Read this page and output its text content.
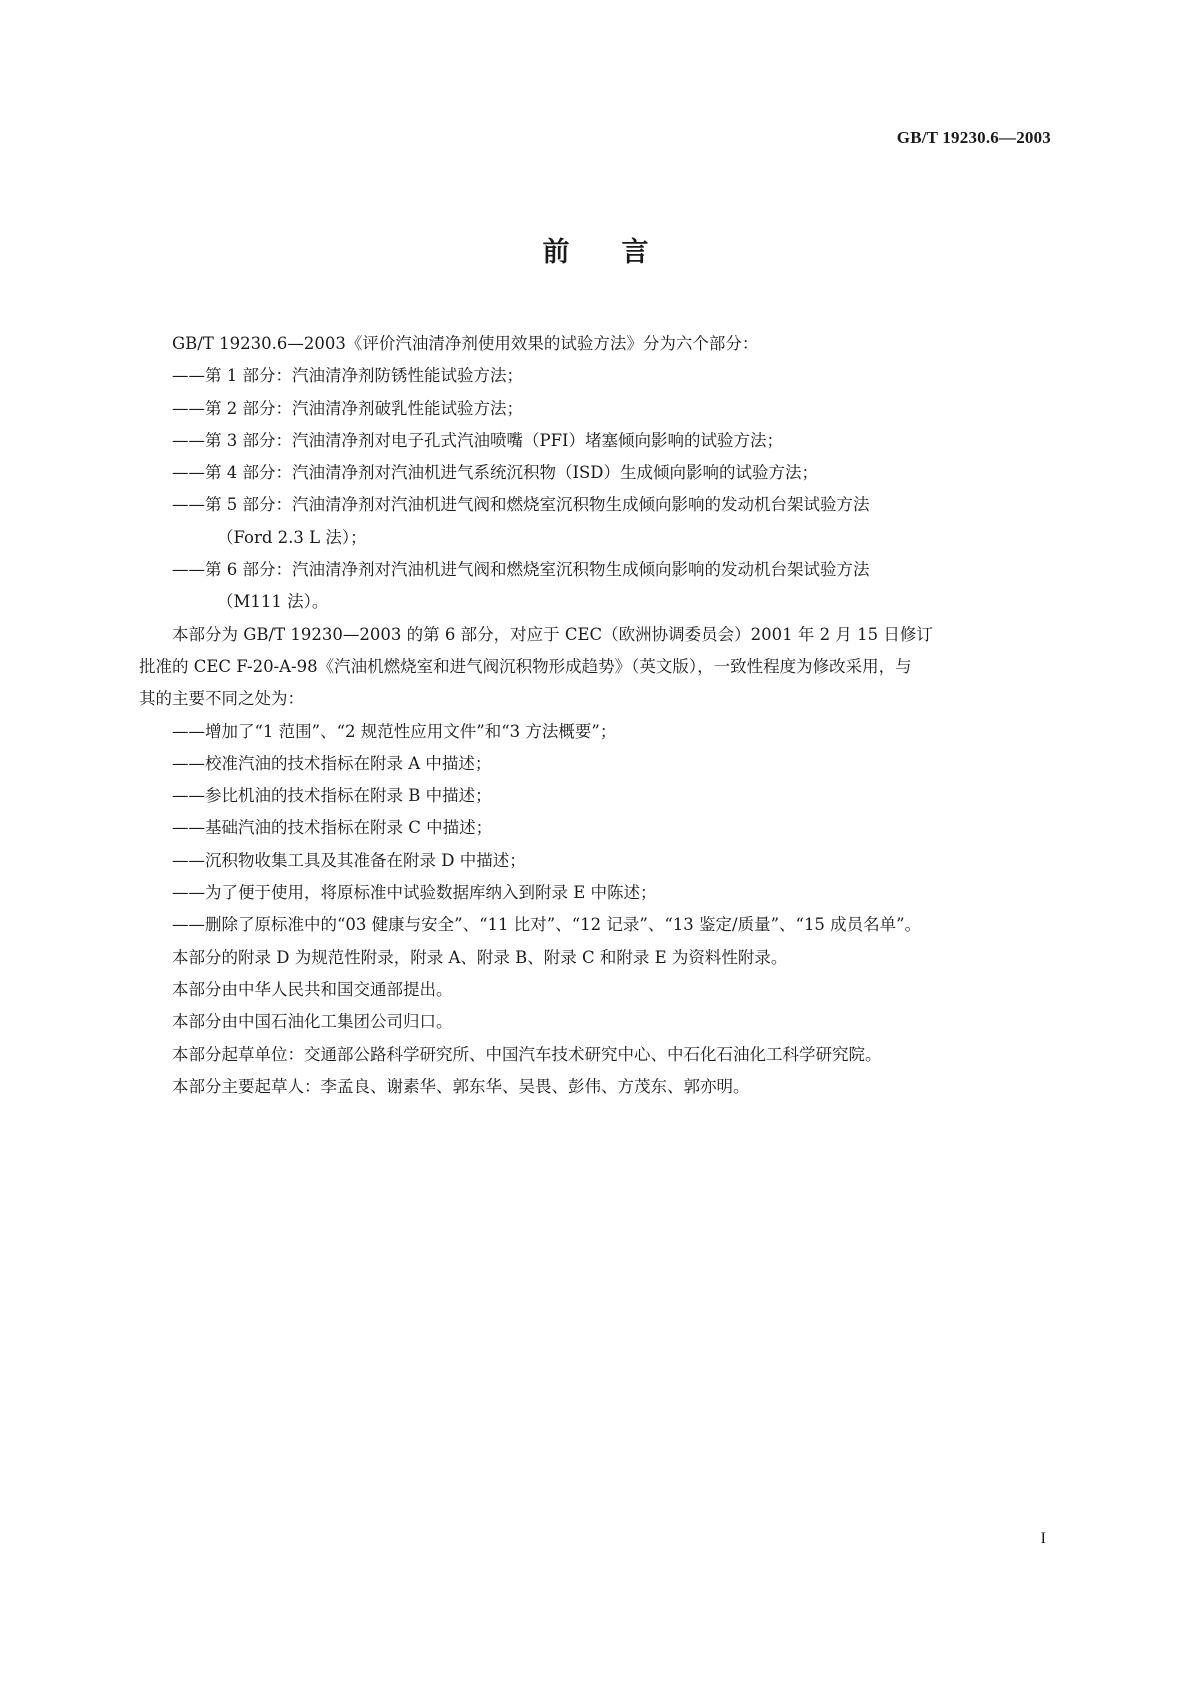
GB/T 19230.6—2003
前言

GB/T 19230.6—2003《评价汽油清净剂使用效果的试验方法》分为六个部分：

——第 1 部分：汽油清净剂防锈性能试验方法；

——第 2 部分：汽油清净剂破乳性能试验方法；

——第 3 部分：汽油清净剂对电子孔式汽油喷嘴（PFI）堵塞倾向影响的试验方法；

——第 4 部分：汽油清净剂对汽油机进气系统沉积物（ISD）生成倾向影响的试验方法；

——第 5 部分：汽油清净剂对汽油机进气阀和燃烧室沉积物生成倾向影响的发动机台架试验方法

（Ford 2.3 L 法）；

——第 6 部分：汽油清净剂对汽油机进气阀和燃烧室沉积物生成倾向影响的发动机台架试验方法

（M111 法）。

本部分为 GB/T 19230—2003 的第 6 部分，对应于 CEC（欧洲协调委员会）2001 年 2 月 15 日修订

批准的 CEC F-20-A-98《汽油机燃烧室和进气阀沉积物形成趋势》（英文版），一致性程度为修改采用，与

其的主要不同之处为：

——增加了“1 范围”、“2 规范性应用文件”和“3 方法概要”；

——校准汽油的技术指标在附录 A 中描述；

——参比机油的技术指标在附录 B 中描述；

——基础汽油的技术指标在附录 C 中描述；

——沉积物收集工具及其准备在附录 D 中描述；

——为了便于使用，将原标准中试验数据库纳入到附录 E 中陈述；

——删除了原标准中的“03 健康与安全”、“11 比对”、“12 记录”、“13 鉴定/质量”、“15 成员名单”。

本部分的附录 D 为规范性附录，附录 A、附录 B、附录 C 和附录 E 为资料性附录。

本部分由中华人民共和国交通部提出。

本部分由中国石油化工集团公司归口。

本部分起草单位：交通部公路科学研究所、中国汽车技术研究中心、中石化石油化工科学研究院。

本部分主要起草人：李孟良、谢素华、郭东华、吴畏、彭伟、方茂东、郭亦明。

I
